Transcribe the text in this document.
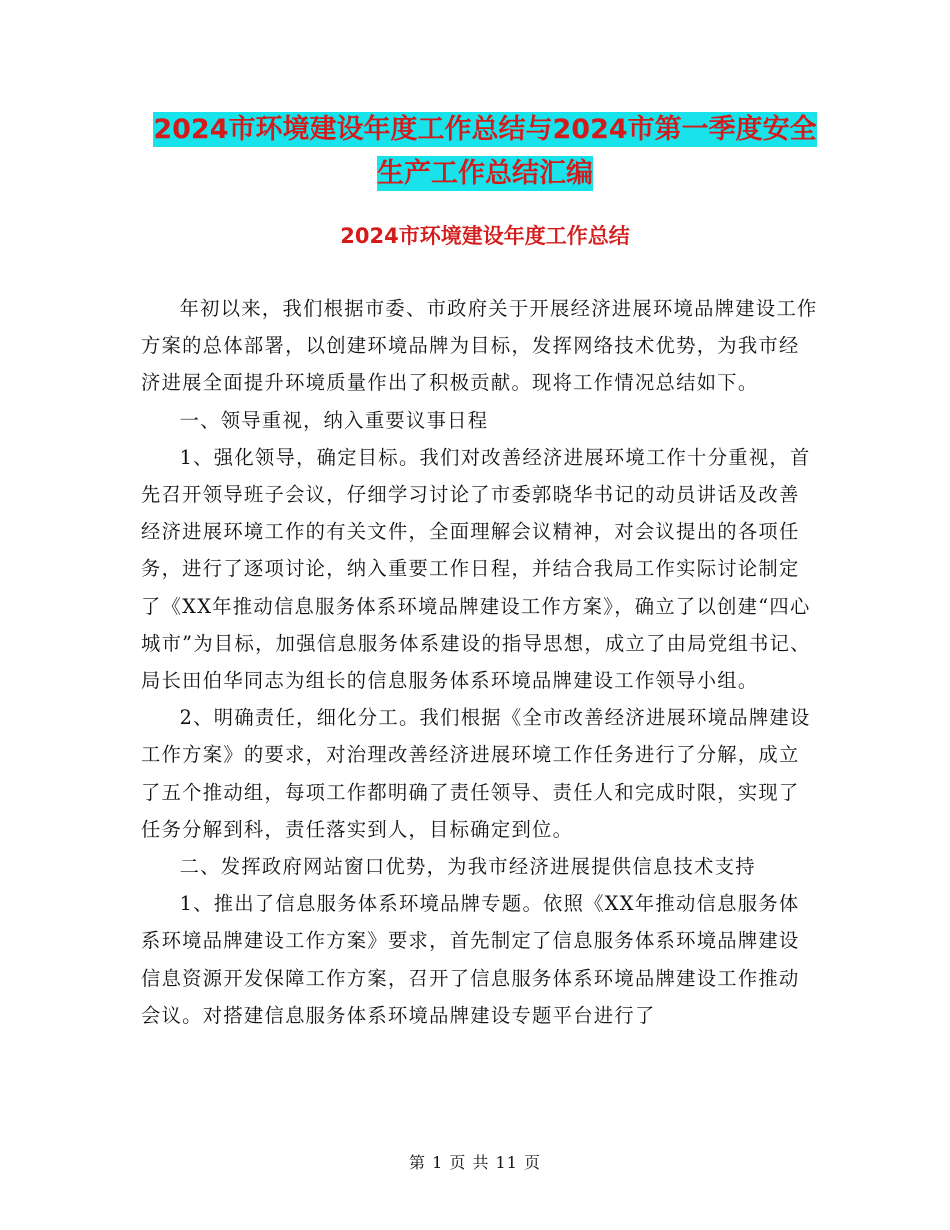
2024市环境建设年度工作总结与2024市第一季度安全
生产工作总结汇编
2024市环境建设年度工作总结

年初以来，我们根据市委、市政府关于开展经济进展环境品牌建设工作方案的总体部署，以创建环境品牌为目标，发挥网络技术优势，为我市经济进展全面提升环境质量作出了积极贡献。现将工作情况总结如下。

一、领导重视，纳入重要议事日程

1、强化领导，确定目标。我们对改善经济进展环境工作十分重视，首先召开领导班子会议，仔细学习讨论了市委郭晓华书记的动员讲话及改善经济进展环境工作的有关文件，全面理解会议精神，对会议提出的各项任务，进行了逐项讨论，纳入重要工作日程，并结合我局工作实际讨论制定了《XX年推动信息服务体系环境品牌建设工作方案》，确立了以创建“四心城市”为目标，加强信息服务体系建设的指导思想，成立了由局党组书记、局长田伯华同志为组长的信息服务体系环境品牌建设工作领导小组。

2、明确责任，细化分工。我们根据《全市改善经济进展环境品牌建设工作方案》的要求，对治理改善经济进展环境工作任务进行了分解，成立了五个推动组，每项工作都明确了责任领导、责任人和完成时限，实现了任务分解到科，责任落实到人，目标确定到位。

二、发挥政府网站窗口优势，为我市经济进展提供信息技术支持

1、推出了信息服务体系环境品牌专题。依照《XX年推动信息服务体系环境品牌建设工作方案》要求，首先制定了信息服务体系环境品牌建设信息资源开发保障工作方案，召开了信息服务体系环境品牌建设工作推动会议。对搭建信息服务体系环境品牌建设专题平台进行了

第 1 页 共 11 页
